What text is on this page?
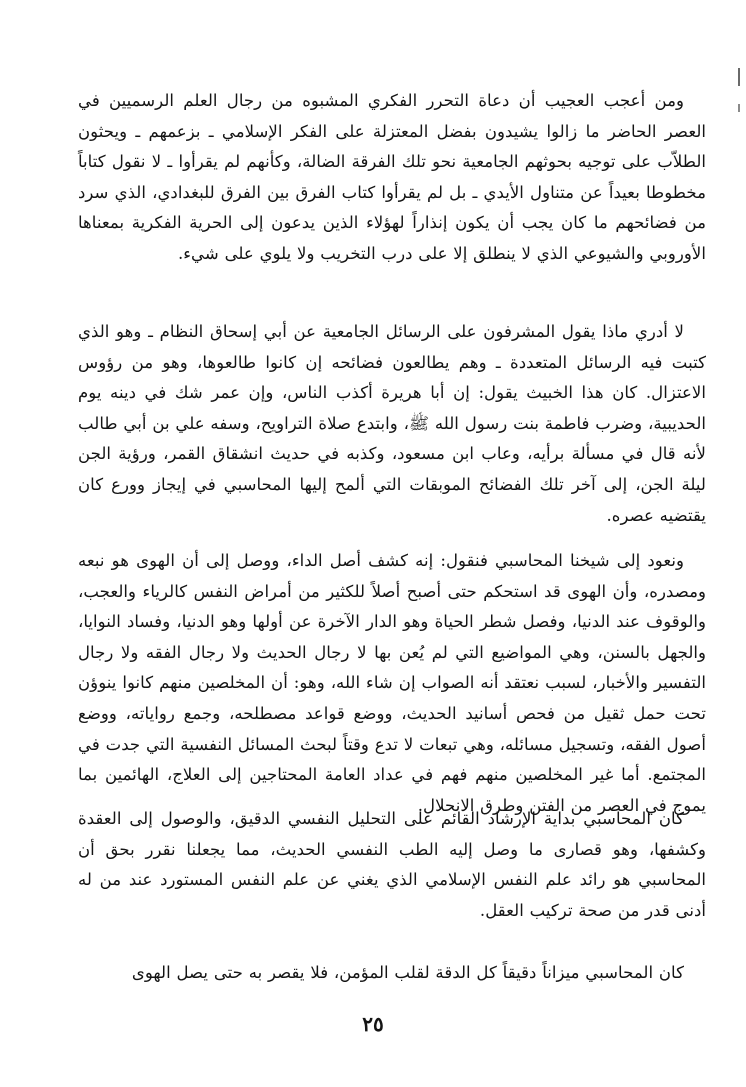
ومن أعجب العجيب أن دعاة التحرر الفكري المشبوه من رجال العلم الرسميين في العصر الحاضر ما زالوا يشيدون بفضل المعتزلة على الفكر الإسلامي ـ بزعمهم ـ ويحثون الطلاّب على توجيه بحوثهم الجامعية نحو تلك الفرقة الضالة، وكأنهم لم يقرأوا ـ لا نقول كتاباً مخطوطا بعيداً عن متناول الأيدي ـ بل لم يقرأوا كتاب الفرق بين الفرق للبغدادي، الذي سرد من فضائحهم ما كان يجب أن يكون إنذاراً لهؤلاء الذين يدعون إلى الحرية الفكرية بمعناها الأوروبي والشيوعي الذي لا ينطلق إلا على درب التخريب ولا يلوي على شيء.

لا أدري ماذا يقول المشرفون على الرسائل الجامعية عن أبي إسحاق النظام ـ وهو الذي كتبت فيه الرسائل المتعددة ـ وهم يطالعون فضائحه إن كانوا طالعوها، وهو من رؤوس الاعتزال. كان هذا الخبيث يقول: إن أبا هريرة أكذب الناس، وإن عمر شك في دينه يوم الحديبية، وضرب فاطمة بنت رسول الله ﷺ، وابتدع صلاة التراويح، وسفه علي بن أبي طالب لأنه قال في مسألة برأيه، وعاب ابن مسعود، وكذبه في حديث انشقاق القمر، ورؤية الجن ليلة الجن، إلى آخر تلك الفضائح الموبقات التي ألمح إليها المحاسبي في إيجاز وورع كان يقتضيه عصره.

ونعود إلى شيخنا المحاسبي فنقول: إنه كشف أصل الداء، ووصل إلى أن الهوى هو نبعه ومصدره، وأن الهوى قد استحكم حتى أصبح أصلاً للكثير من أمراض النفس كالرياء والعجب، والوقوف عند الدنيا، وفصل شطر الحياة وهو الدار الآخرة عن أولها وهو الدنيا، وفساد النوايا، والجهل بالسنن، وهي المواضيع التي لم يُعن بها لا رجال الحديث ولا رجال الفقه ولا رجال التفسير والأخبار، لسبب نعتقد أنه الصواب إن شاء الله، وهو: أن المخلصين منهم كانوا ينوؤن تحت حمل ثقيل من فحص أسانيد الحديث، ووضع قواعد مصطلحه، وجمع رواياته، ووضع أصول الفقه، وتسجيل مسائله، وهي تبعات لا تدع وقتاً لبحث المسائل النفسية التي جدت في المجتمع. أما غير المخلصين منهم فهم في عداد العامة المحتاجين إلى العلاج، الهائمين بما يموج في العصر من الفتن وطرق الانحلال.

كان المحاسبي بداية الإرشاد القائم على التحليل النفسي الدقيق، والوصول إلى العقدة وكشفها، وهو قصارى ما وصل إليه الطب النفسي الحديث، مما يجعلنا نقرر بحق أن المحاسبي هو رائد علم النفس الإسلامي الذي يغني عن علم النفس المستورد عند من له أدنى قدر من صحة تركيب العقل.

كان المحاسبي ميزاناً دقيقاً كل الدقة لقلب المؤمن، فلا يقصر به حتى يصل الهوى

٢٥
